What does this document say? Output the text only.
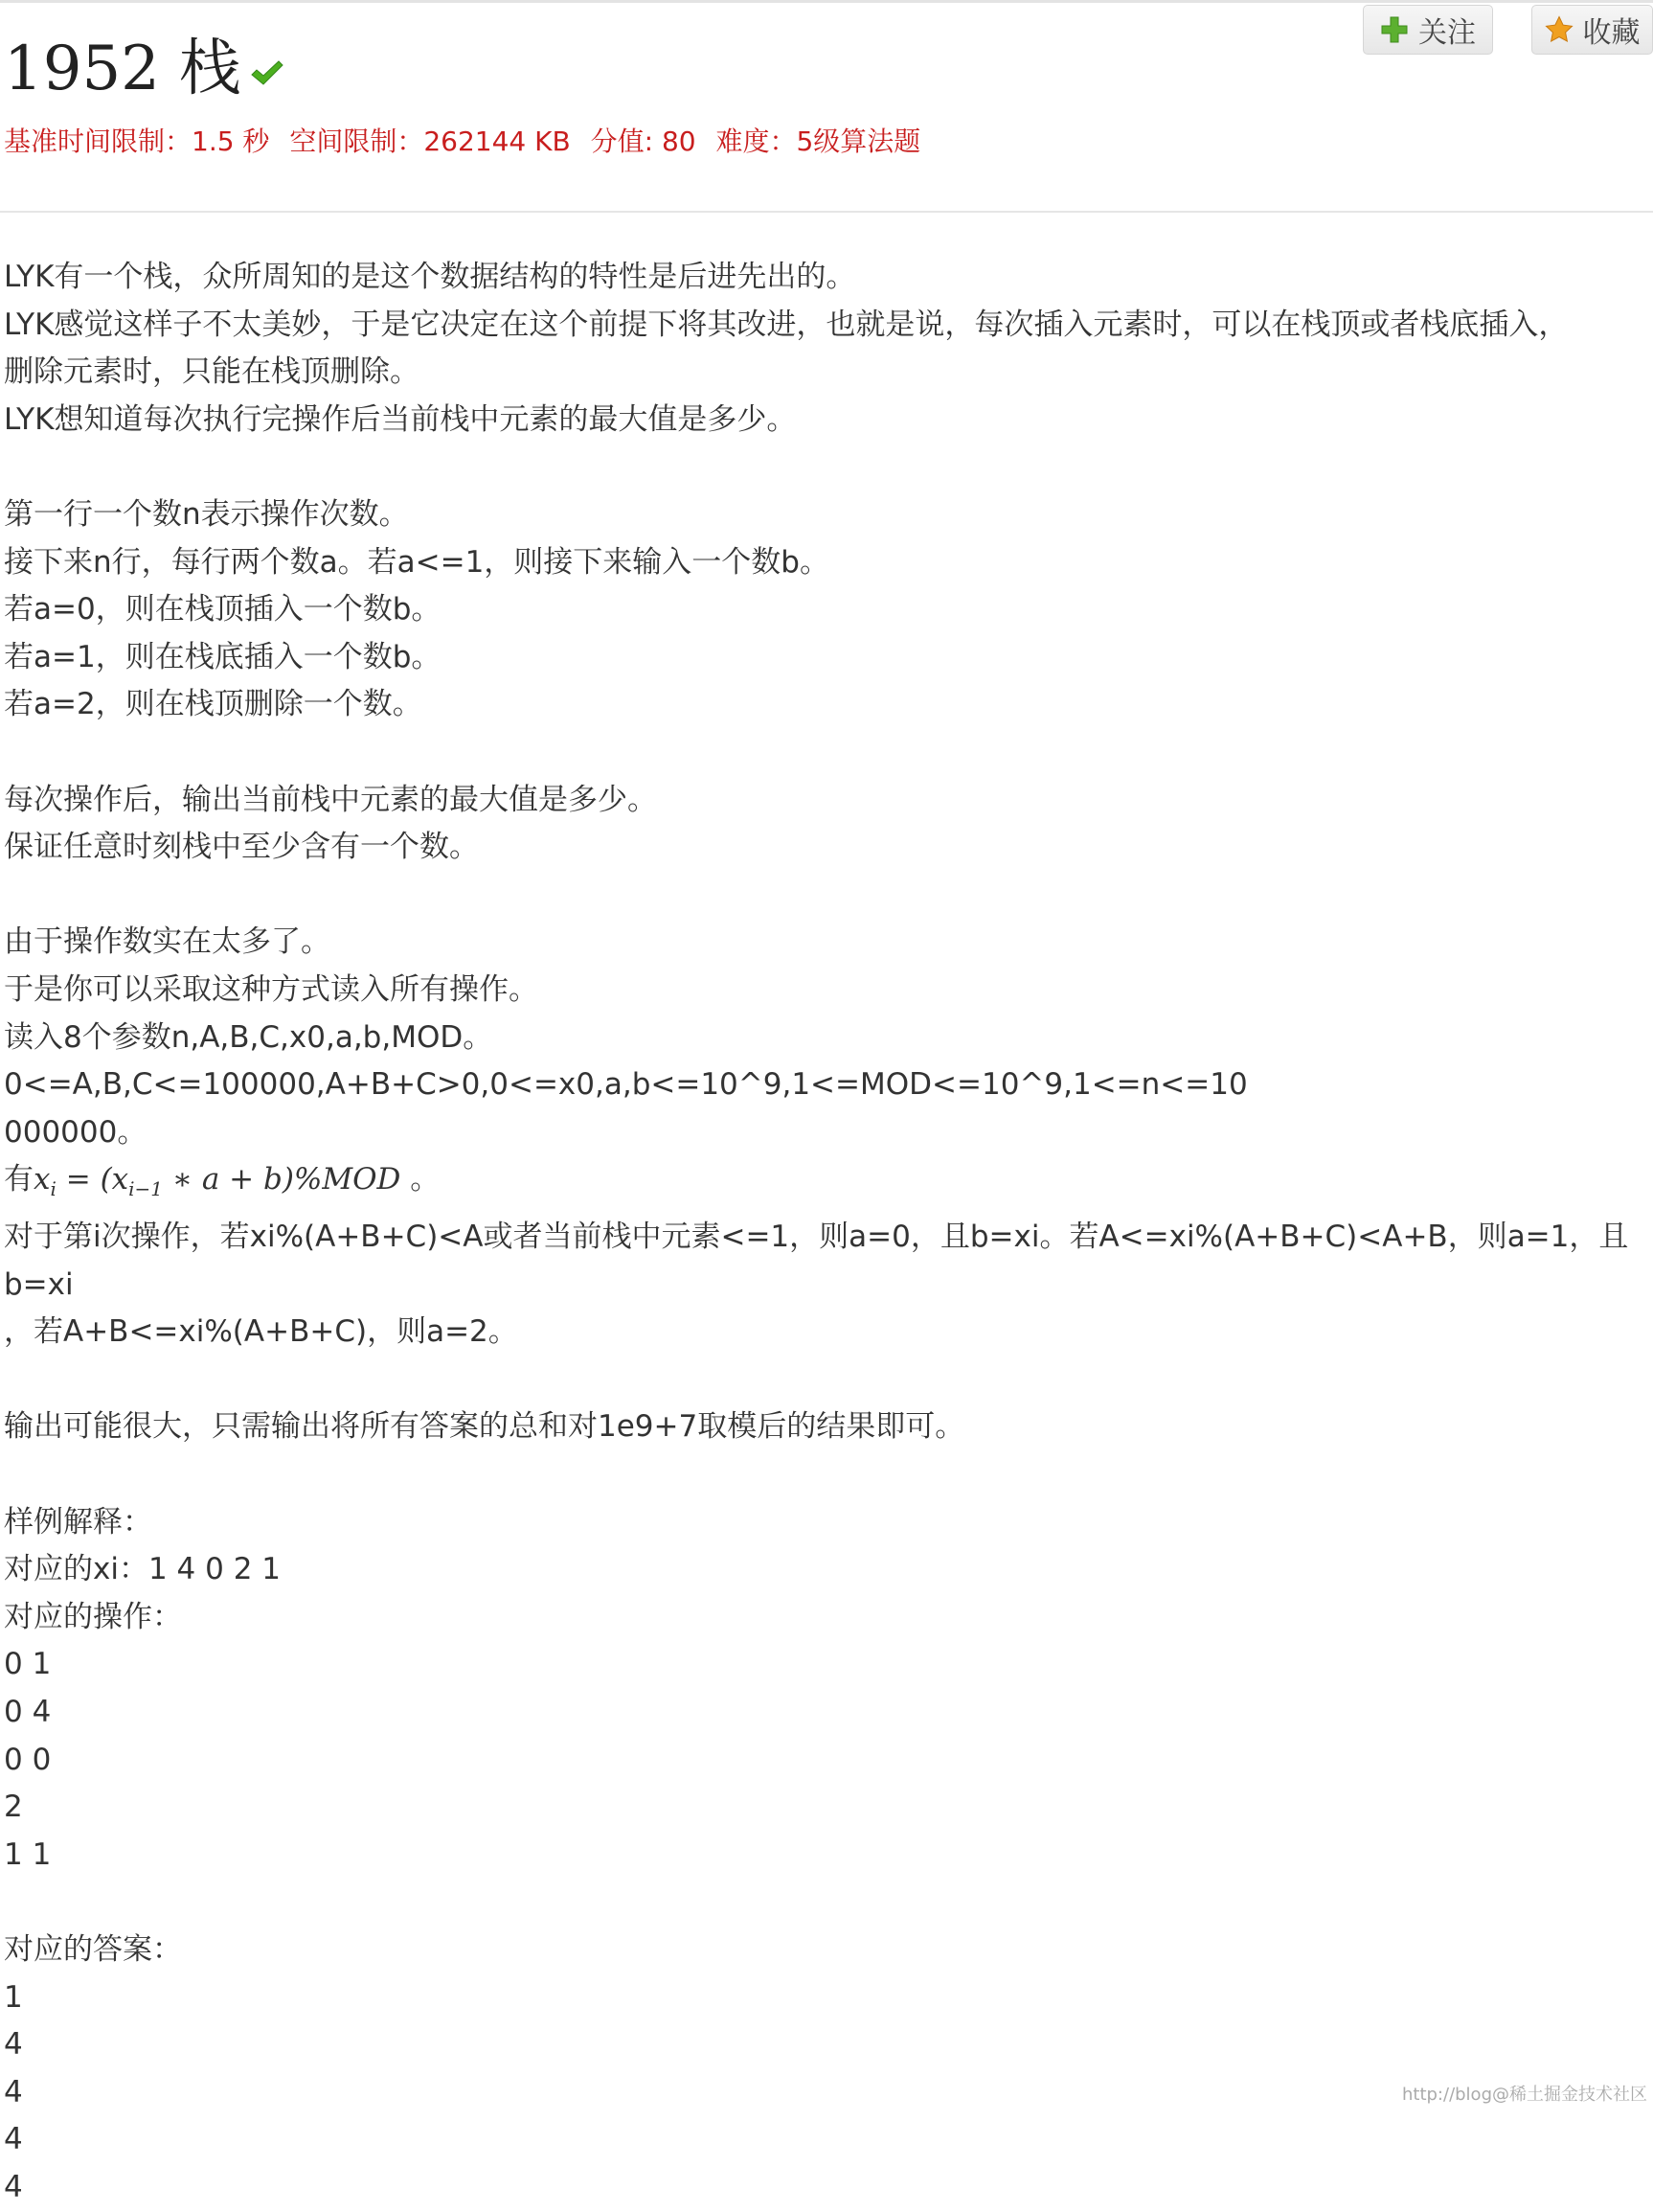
关注	收藏
1952 栈
基准时间限制：1.5 秒 空间限制：262144 KB 分值: 80 难度：5级算法题

LYK有一个栈，众所周知的是这个数据结构的特性是后进先出的。

LYK感觉这样子不太美妙，于是它决定在这个前提下将其改进，也就是说，每次插入元素时，可以在栈顶或者栈底插入，

删除元素时，只能在栈顶删除。

LYK想知道每次执行完操作后当前栈中元素的最大值是多少。

第一行一个数n表示操作次数。

接下来n行，每行两个数a。若a<=1，则接下来输入一个数b。

若a=0，则在栈顶插入一个数b。

若a=1，则在栈底插入一个数b。

若a=2，则在栈顶删除一个数。

每次操作后，输出当前栈中元素的最大值是多少。

保证任意时刻栈中至少含有一个数。

由于操作数实在太多了。

于是你可以采取这种方式读入所有操作。

读入8个参数n,A,B,C,x0,a,b,MOD。 0<=A,B,C<=100000,A+B+C>0,0<=x0,a,b<=10^9,1<=MOD<=10^9,1<=n<=10

000000。

有$x_i = (x_{i-1}$ ∗ a + b)%MOD 。

对于第i次操作，若xi%(A+B+C)<A或者当前栈中元素<=1，则a=0，且b=xi。若A<=xi%(A+B+C)<A+B，则a=1，且b=xi

，若A+B<=xi%(A+B+C)，则a=2。

输出可能很大，只需输出将所有答案的总和对1e9+7取模后的结果即可。

样例解释：

对应的xi：1 4 0 2 1

对应的操作：

0 1

0 4

0 0

2

1 1

对应的答案：

1

4

4

4

4

http://blog@稀土掘金技术社区
